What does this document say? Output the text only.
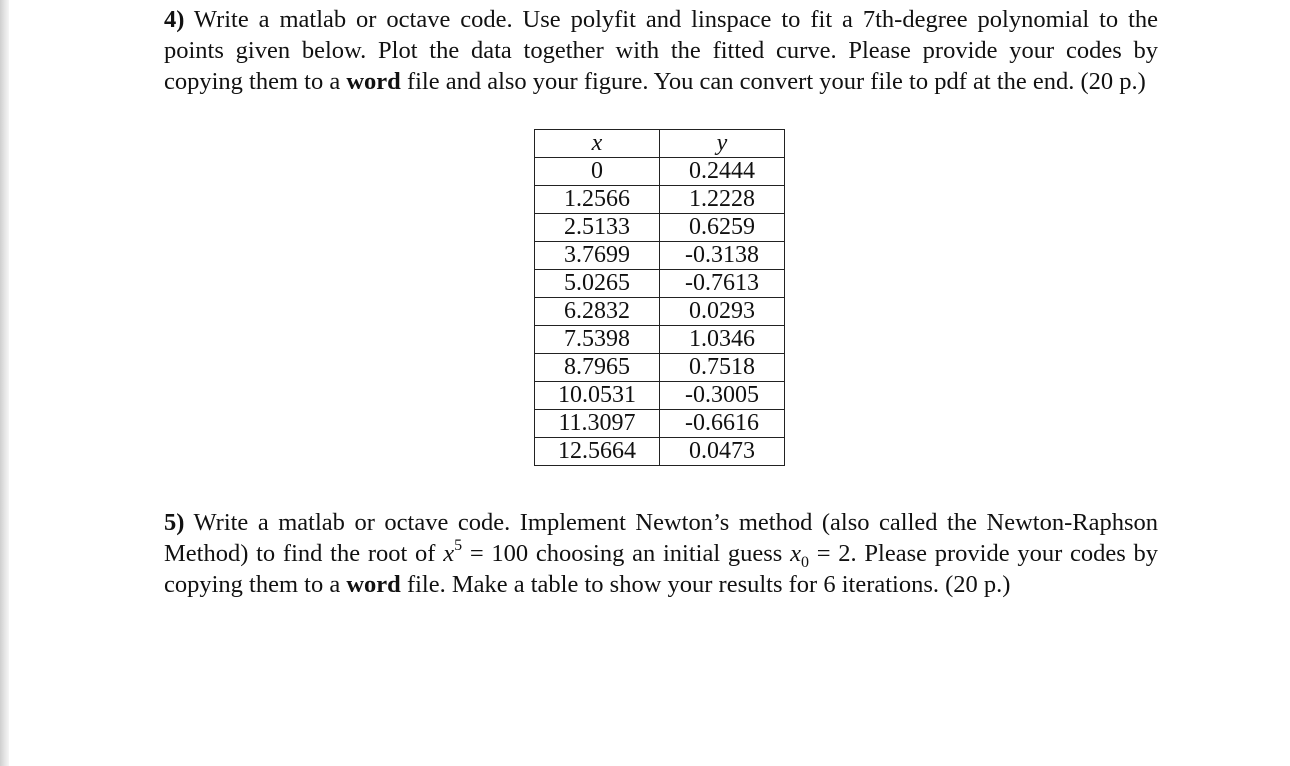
4) Write a matlab or octave code. Use polyfit and linspace to fit a 7th-degree polynomial to the points given below. Plot the data together with the fitted curve. Please provide your codes by copying them to a word file and also your figure. You can convert your file to pdf at the end. (20 p.)

x	y
0	0.2444
1.2566	1.2228
2.5133	0.6259
3.7699	-0.3138
5.0265	-0.7613
6.2832	0.0293
7.5398	1.0346
8.7965	0.7518
10.0531	-0.3005
11.3097	-0.6616
12.5664	0.0473

5) Write a matlab or octave code. Implement Newton’s method (also called the Newton-Raphson Method) to find the root of $x^5 = 100$ choosing an initial guess $x_0 = 2$. Please provide your codes by copying them to a word file. Make a table to show your results for 6 iterations. (20 p.)
